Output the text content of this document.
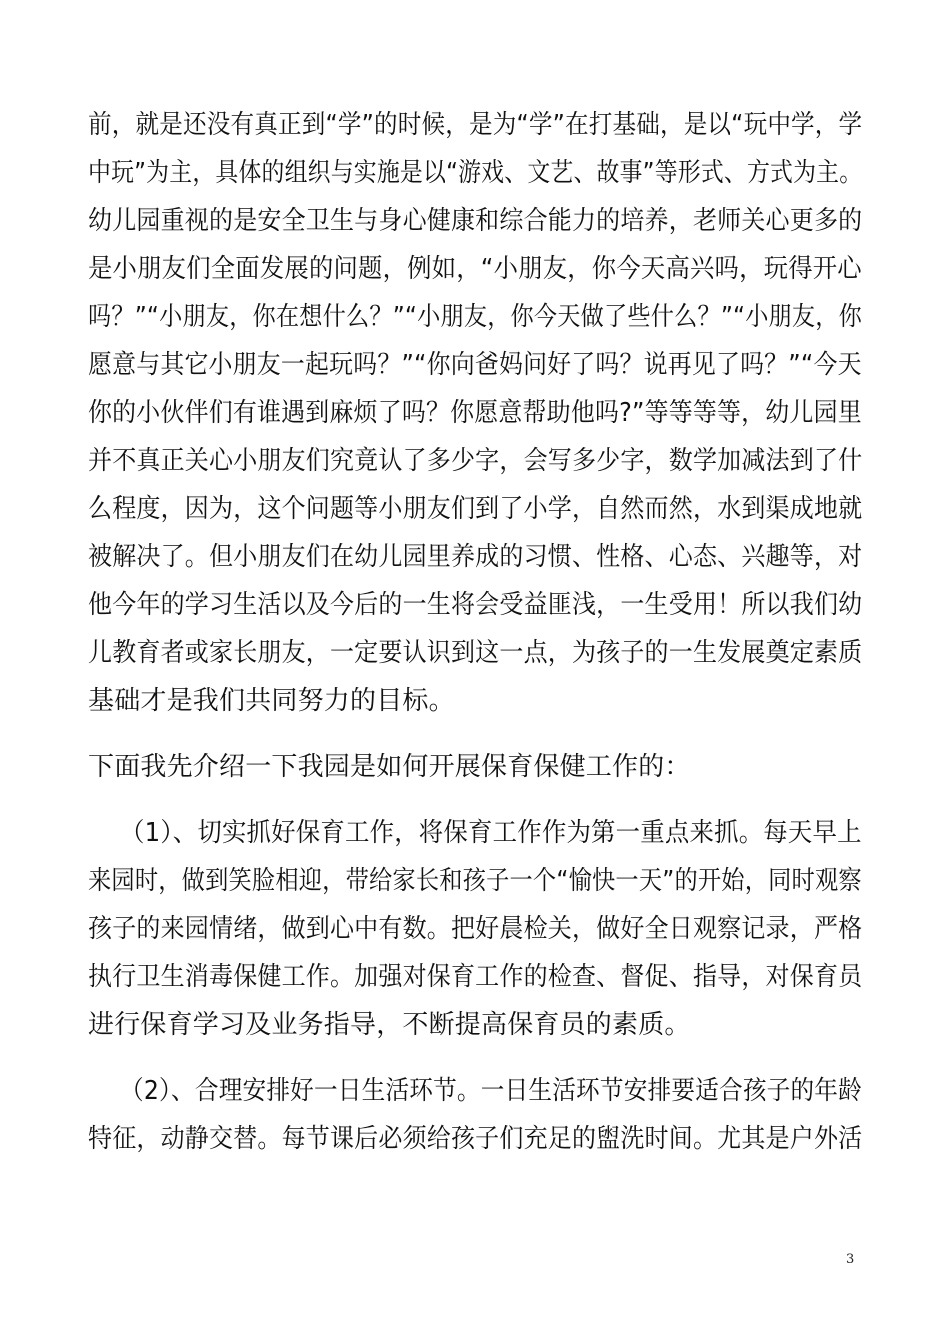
前，就是还没有真正到“学”的时候，是为“学”在打基础，是以“玩中学，学

中玩”为主，具体的组织与实施是以“游戏、文艺、故事”等形式、方式为主。

幼儿园重视的是安全卫生与身心健康和综合能力的培养，老师关心更多的

是小朋友们全面发展的问题，例如，“小朋友，你今天高兴吗，玩得开心

吗？”“小朋友，你在想什么？”“小朋友，你今天做了些什么？”“小朋友，你

愿意与其它小朋友一起玩吗？”“你向爸妈问好了吗？说再见了吗？”“今天

你的小伙伴们有谁遇到麻烦了吗？你愿意帮助他吗?”等等等等，幼儿园里

并不真正关心小朋友们究竟认了多少字，会写多少字，数学加减法到了什

么程度，因为，这个问题等小朋友们到了小学，自然而然，水到渠成地就

被解决了。但小朋友们在幼儿园里养成的习惯、性格、心态、兴趣等，对

他今年的学习生活以及今后的一生将会受益匪浅，一生受用！所以我们幼

儿教育者或家长朋友，一定要认识到这一点，为孩子的一生发展奠定素质

基础才是我们共同努力的目标。

下面我先介绍一下我园是如何开展保育保健工作的：

（1）、切实抓好保育工作，将保育工作作为第一重点来抓。每天早上

来园时，做到笑脸相迎，带给家长和孩子一个“愉快一天”的开始，同时观察

孩子的来园情绪，做到心中有数。把好晨检关，做好全日观察记录，严格

执行卫生消毒保健工作。加强对保育工作的检查、督促、指导，对保育员

进行保育学习及业务指导，不断提高保育员的素质。

（2）、合理安排好一日生活环节。一日生活环节安排要适合孩子的年龄

特征，动静交替。每节课后必须给孩子们充足的盥洗时间。尤其是户外活

3
